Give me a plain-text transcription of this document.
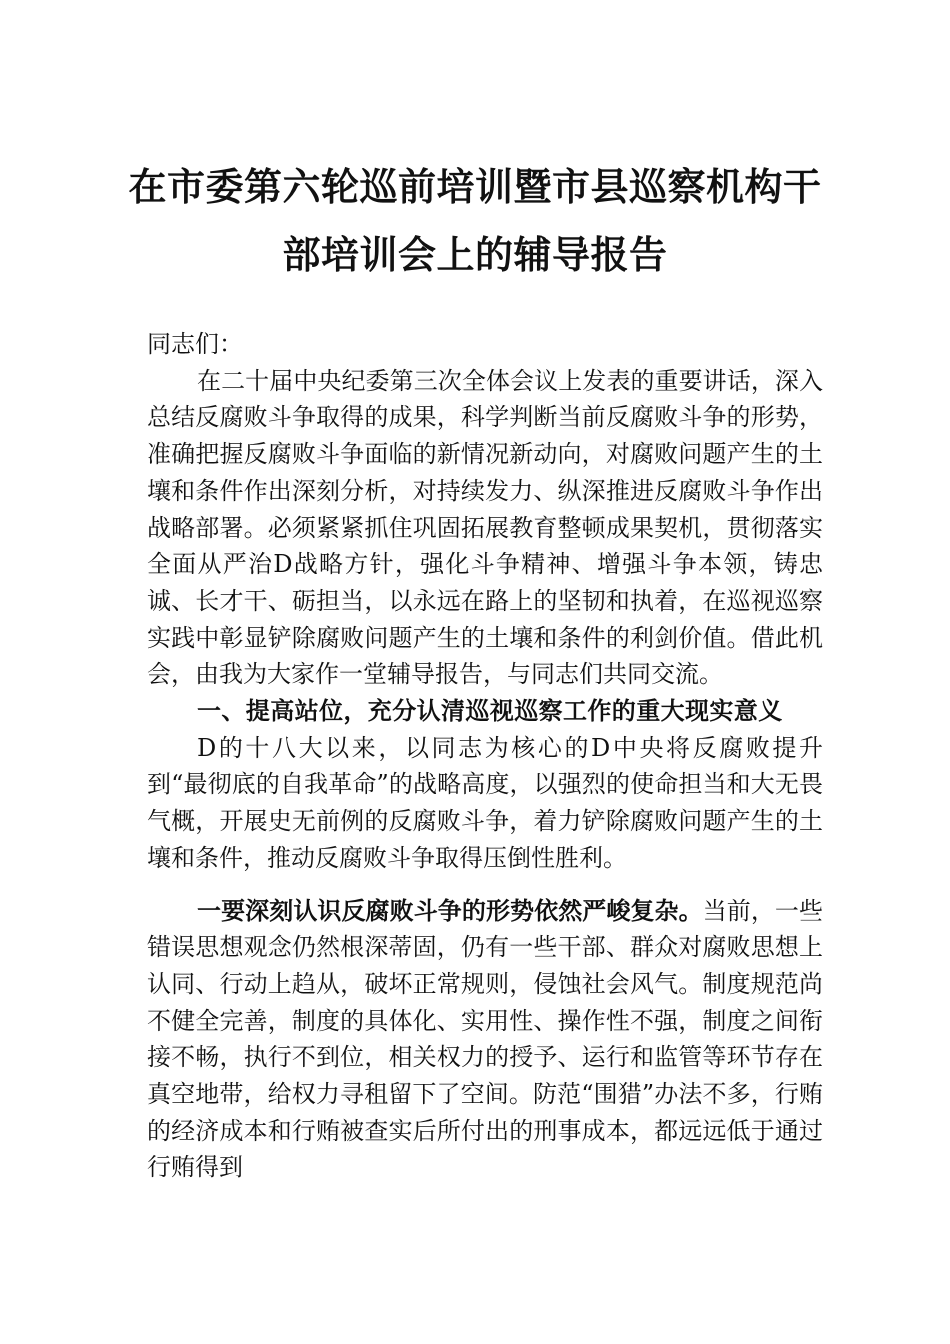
在市委第六轮巡前培训暨市县巡察机构干
部培训会上的辅导报告

同志们：

在二十届中央纪委第三次全体会议上发表的重要讲话，深入总结反腐败斗争取得的成果，科学判断当前反腐败斗争的形势，准确把握反腐败斗争面临的新情况新动向，对腐败问题产生的土壤和条件作出深刻分析，对持续发力、纵深推进反腐败斗争作出战略部署。必须紧紧抓住巩固拓展教育整顿成果契机，贯彻落实全面从严治D战略方针，强化斗争精神、增强斗争本领，铸忠诚、长才干、砺担当，以永远在路上的坚韧和执着，在巡视巡察实践中彰显铲除腐败问题产生的土壤和条件的利剑价值。借此机会，由我为大家作一堂辅导报告，与同志们共同交流。

一、提高站位，充分认清巡视巡察工作的重大现实意义

D的十八大以来，以同志为核心的D中央将反腐败提升到“最彻底的自我革命”的战略高度，以强烈的使命担当和大无畏气概，开展史无前例的反腐败斗争，着力铲除腐败问题产生的土壤和条件，推动反腐败斗争取得压倒性胜利。

一要深刻认识反腐败斗争的形势依然严峻复杂。当前，一些错误思想观念仍然根深蒂固，仍有一些干部、群众对腐败思想上认同、行动上趋从，破坏正常规则，侵蚀社会风气。制度规范尚不健全完善，制度的具体化、实用性、操作性不强，制度之间衔接不畅，执行不到位，相关权力的授予、运行和监管等环节存在真空地带，给权力寻租留下了空间。防范“围猎”办法不多，行贿的经济成本和行贿被查实后所付出的刑事成本，都远远低于通过行贿得到
